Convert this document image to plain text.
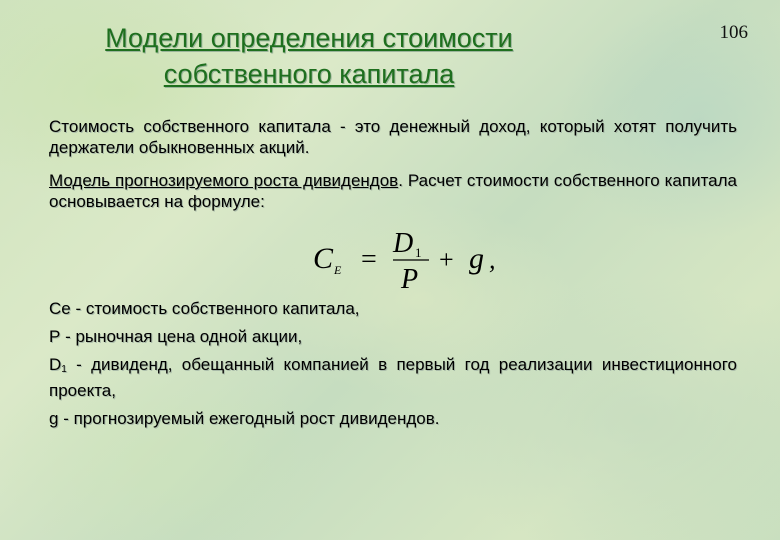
106
Модели определения стоимости
собственного капитала

Стоимость собственного капитала - это денежный доход, который хотят получить держатели обыкновенных акций.

Модель прогнозируемого роста дивидендов. Расчет стоимости собственного капитала основывается на формуле:

C E =
D 1
P
+ g ,

Се - стоимость собственного капитала,

Р - рыночная цена одной акции,

D1 - дивиденд, обещанный компанией в первый год реализации инвестиционного проекта,

g - прогнозируемый ежегодный рост дивидендов.
